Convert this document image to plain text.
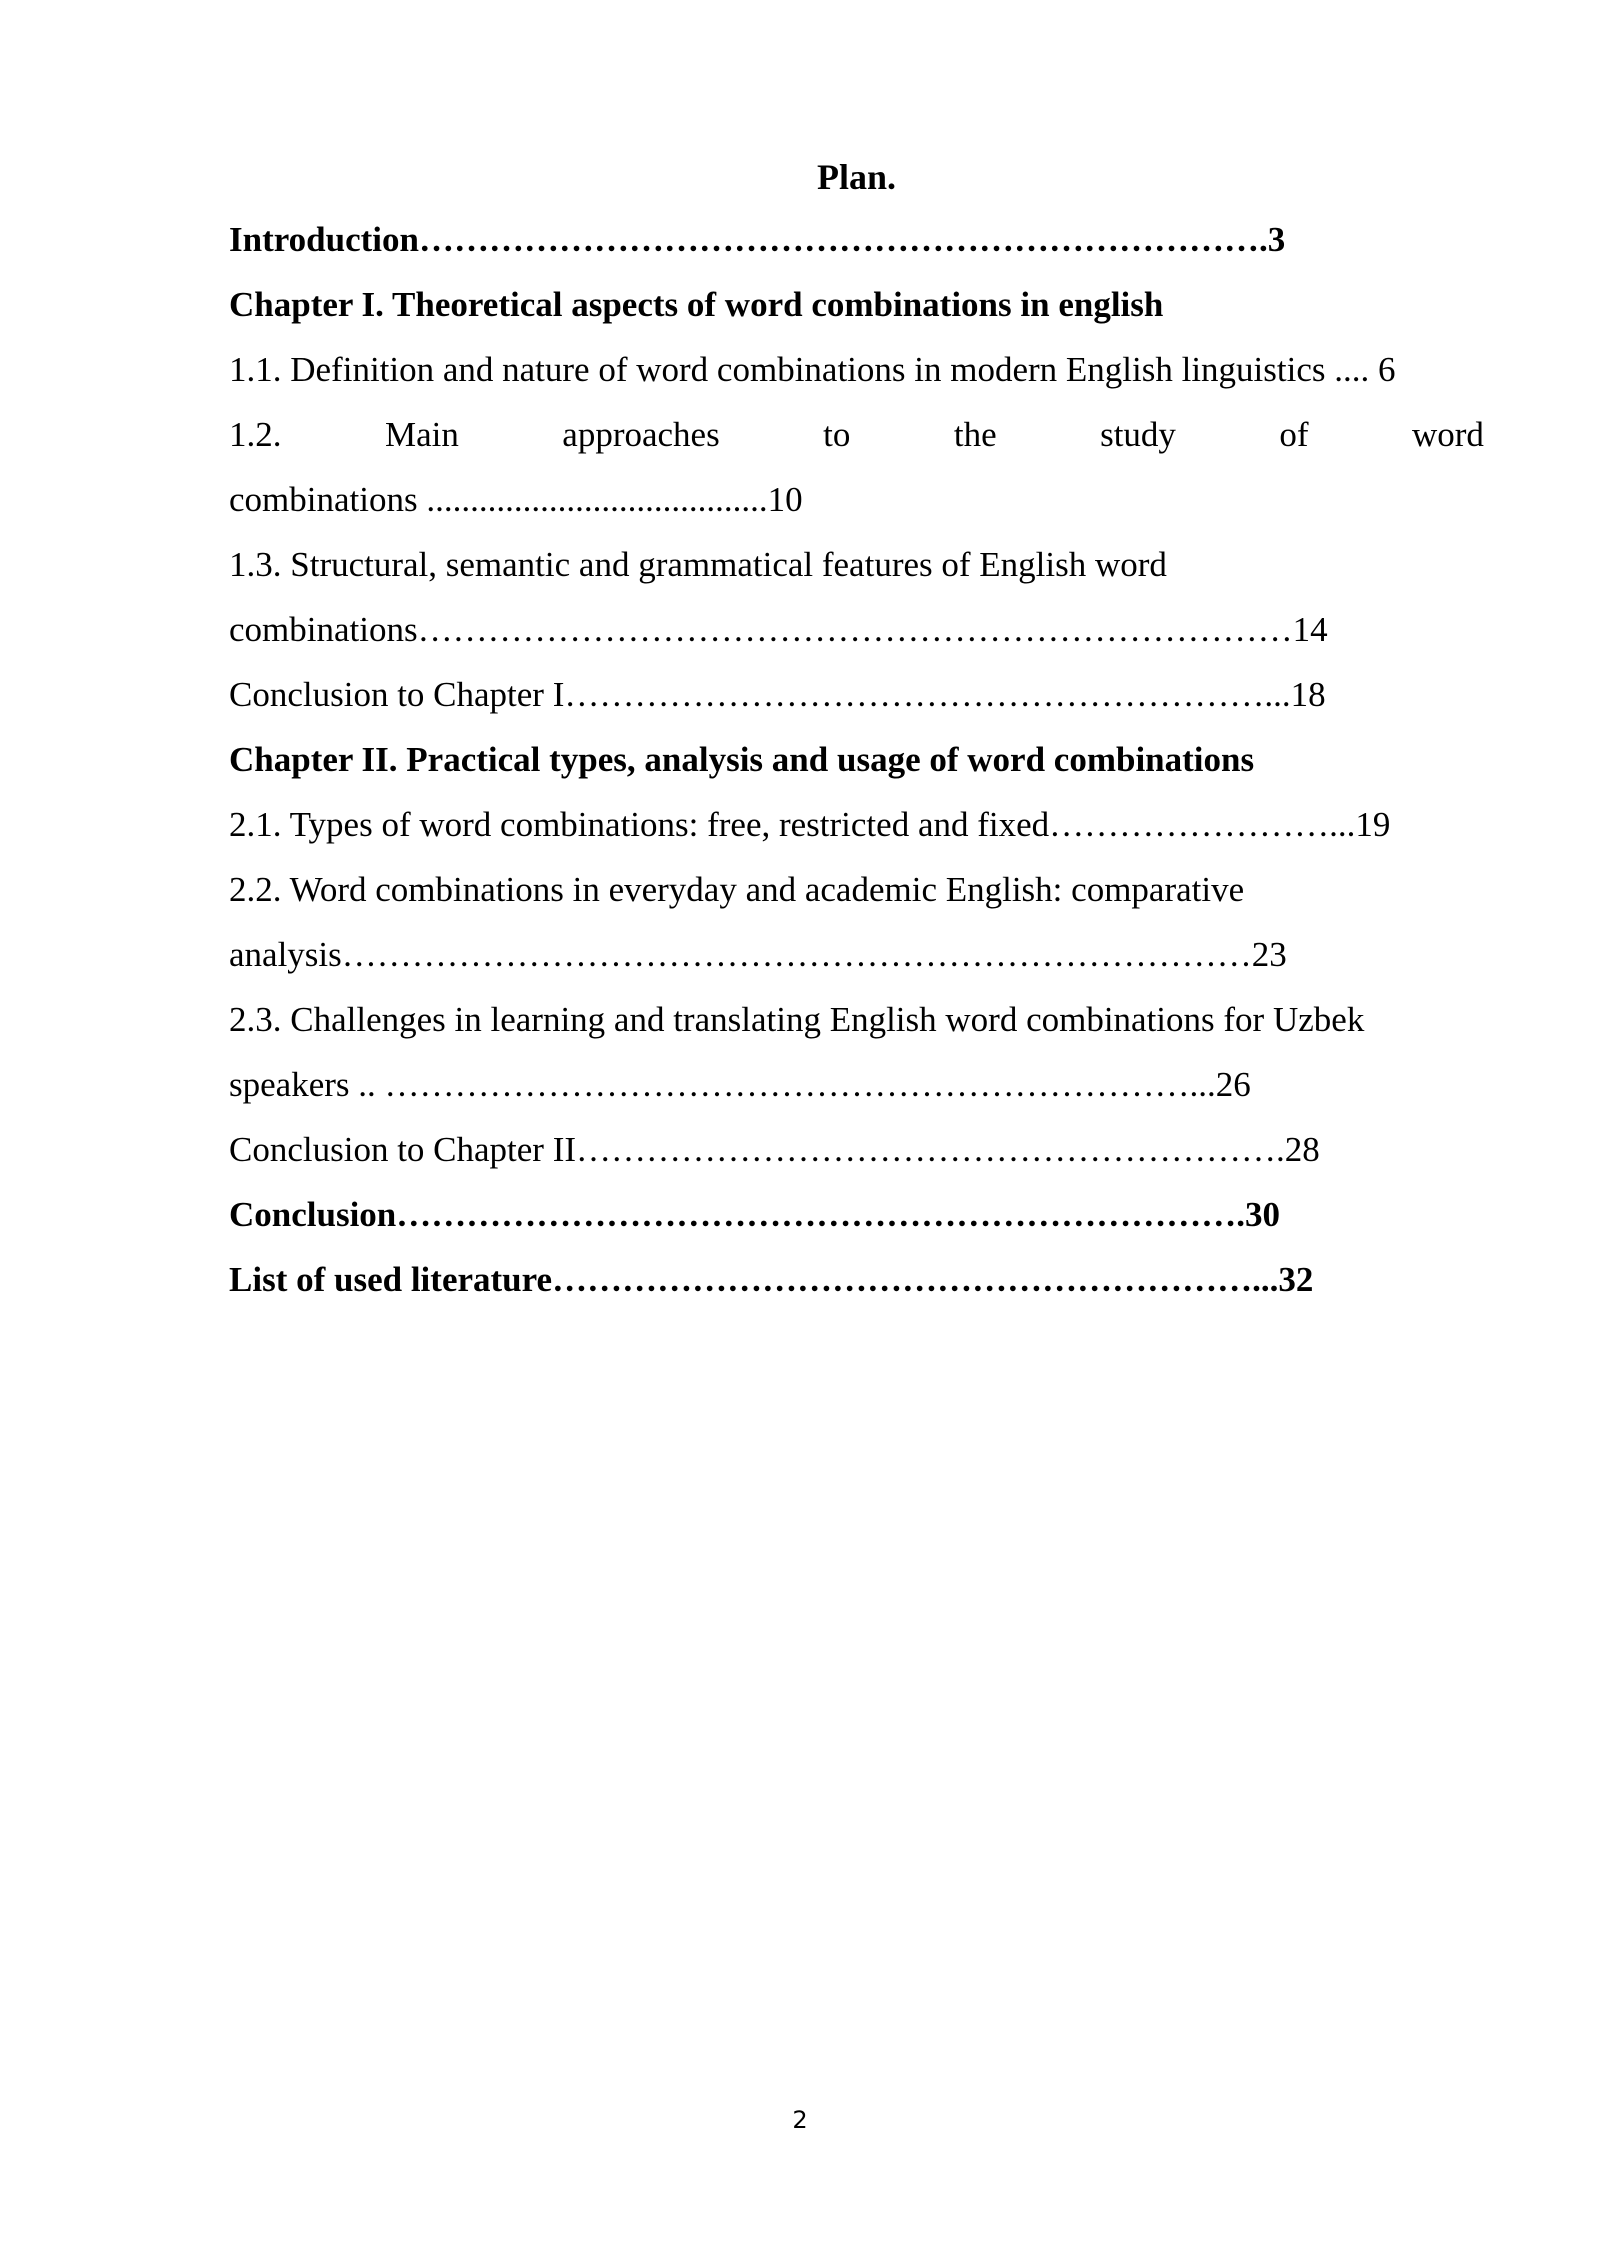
Plan.
Introduction……………………………………………………………….3
Chapter I. Theoretical aspects of word combinations in english
1.1. Definition and nature of word combinations in modern English linguistics .... 6
1.2.	Main	approaches	to	the	study	of	word
combinations .......................................10
1.3. Structural, semantic and grammatical features of English word
combinations…………………………………………………………………14
Conclusion to Chapter I……………………………………………………...18
Chapter II. Practical types, analysis and usage of word combinations
2.1. Types of word combinations: free, restricted and fixed……………………...19
2.2. Word combinations in everyday and academic English: comparative
analysis……………………………………………………………………23
2.3. Challenges in learning and translating English word combinations for Uzbek
speakers .. ……………………………………………………………...26
Conclusion to Chapter II…………………………………………………….28
Conclusion……………………………………………………………….30
List of used literature……………………………………………………...32
2
